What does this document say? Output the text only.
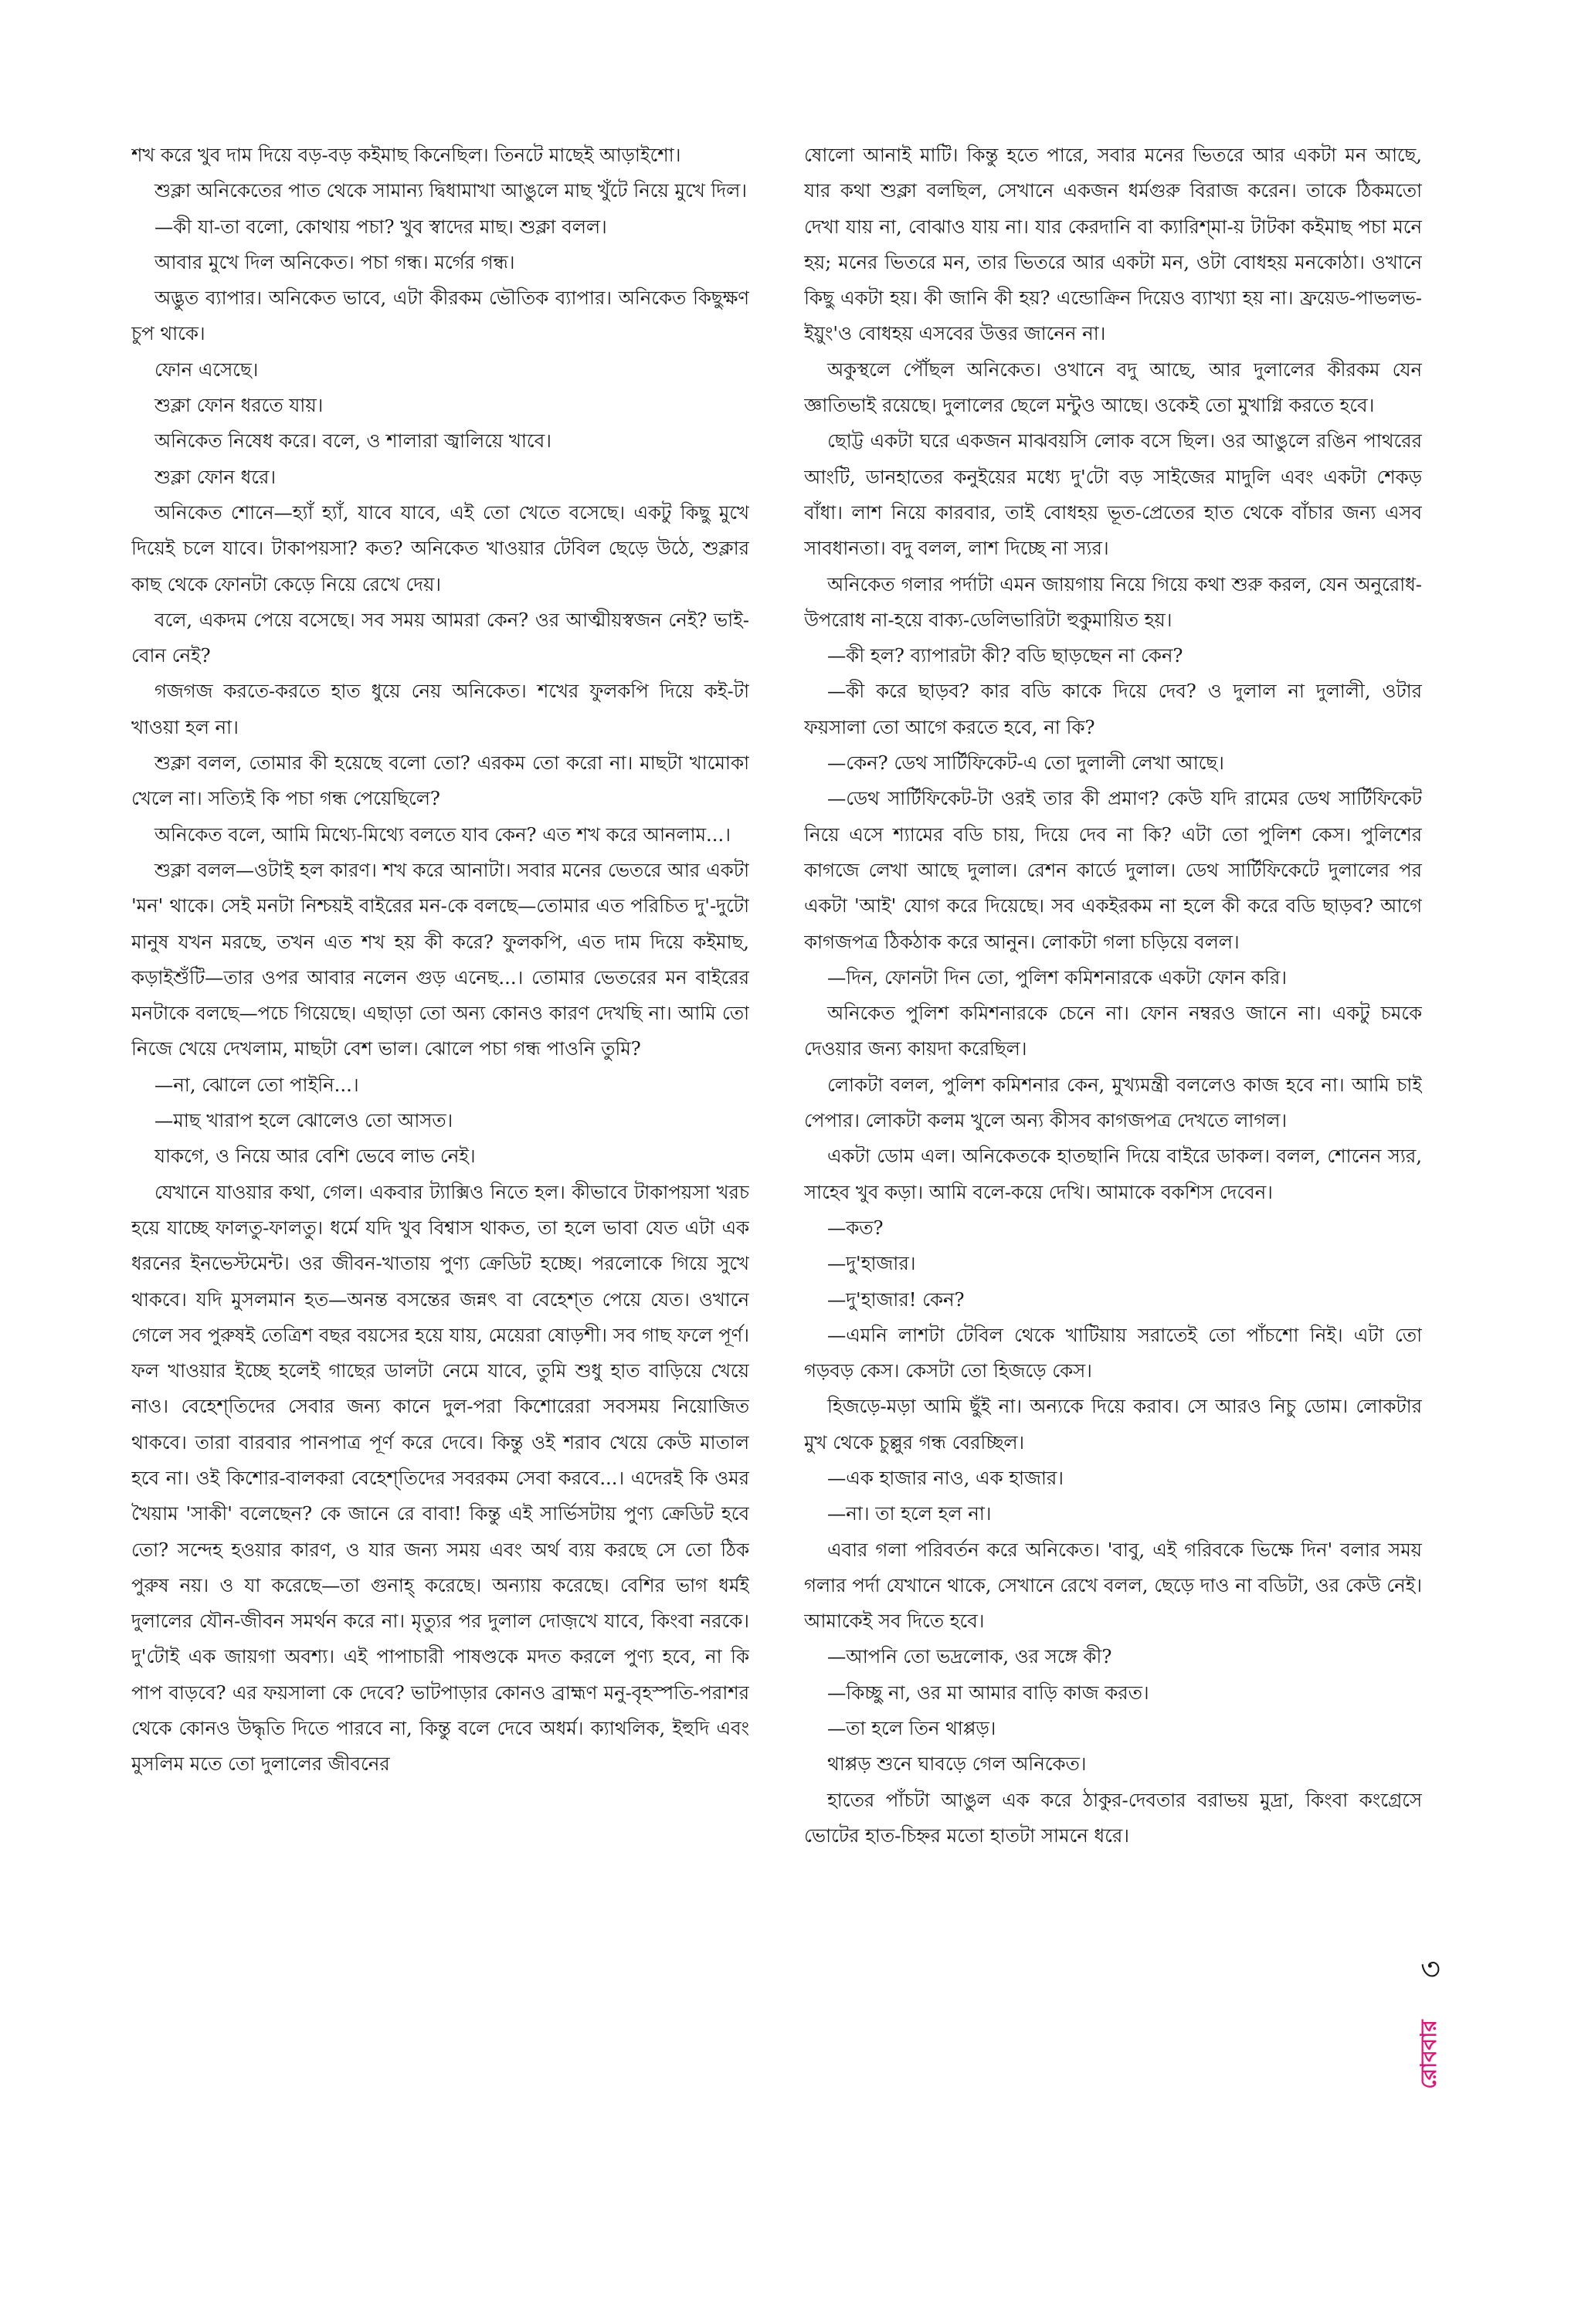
শখ করে খুব দাম দিয়ে বড়-বড় কইমাছ কিনেছিল। তিনটে মাছেই আড়াইশো।

শুক্লা অনিকেতের পাত থেকে সামান্য দ্বিধামাখা আঙুলে মাছ খুঁটে নিয়ে মুখে দিল।

—কী যা-তা বলো, কোথায় পচা? খুব স্বাদের মাছ। শুক্লা বলল।

আবার মুখে দিল অনিকেত। পচা গন্ধ। মর্গের গন্ধ।

অদ্ভুত ব্যাপার। অনিকেত ভাবে, এটা কীরকম ভৌতিক ব্যাপার। অনিকেত কিছুক্ষণ চুপ থাকে।

ফোন এসেছে।

শুক্লা ফোন ধরতে যায়।

অনিকেত নিষেধ করে। বলে, ও শালারা জ্বালিয়ে খাবে।

শুক্লা ফোন ধরে।

অনিকেত শোনে—হ্যাঁ হ্যাঁ, যাবে যাবে, এই তো খেতে বসেছে। একটু কিছু মুখে দিয়েই চলে যাবে। টাকাপয়সা? কত? অনিকেত খাওয়ার টেবিল ছেড়ে উঠে, শুক্লার কাছ থেকে ফোনটা কেড়ে নিয়ে রেখে দেয়।

বলে, একদম পেয়ে বসেছে। সব সময় আমরা কেন? ওর আত্মীয়স্বজন নেই? ভাই-বোন নেই?

গজগজ করতে-করতে হাত ধুয়ে নেয় অনিকেত। শখের ফুলকপি দিয়ে কই-টা খাওয়া হল না।

শুক্লা বলল, তোমার কী হয়েছে বলো তো? এরকম তো করো না। মাছটা খামোকা খেলে না। সত্যিই কি পচা গন্ধ পেয়েছিলে?

অনিকেত বলে, আমি মিথ্যে-মিথ্যে বলতে যাব কেন? এত শখ করে আনলাম...।

শুক্লা বলল—ওটাই হল কারণ। শখ করে আনাটা। সবার মনের ভেতরে আর একটা 'মন' থাকে। সেই মনটা নিশ্চয়ই বাইরের মন-কে বলছে—তোমার এত পরিচিত দু'-দুটো মানুষ যখন মরছে, তখন এত শখ হয় কী করে? ফুলকপি, এত দাম দিয়ে কইমাছ, কড়াইশুঁটি—তার ওপর আবার নলেন গুড় এনেছ...। তোমার ভেতরের মন বাইরের মনটাকে বলছে—পচে গিয়েছে। এছাড়া তো অন্য কোনও কারণ দেখছি না। আমি তো নিজে খেয়ে দেখলাম, মাছটা বেশ ভাল। ঝোলে পচা গন্ধ পাওনি তুমি?

—না, ঝোলে তো পাইনি...।

—মাছ খারাপ হলে ঝোলেও তো আসত।

যাকগে, ও নিয়ে আর বেশি ভেবে লাভ নেই।

যেখানে যাওয়ার কথা, গেল। একবার ট্যাক্সিও নিতে হল। কীভাবে টাকাপয়সা খরচ হয়ে যাচ্ছে ফালতু-ফালতু। ধর্মে যদি খুব বিশ্বাস থাকত, তা হলে ভাবা যেত এটা এক ধরনের ইনভেস্টমেন্ট। ওর জীবন-খাতায় পুণ্য ক্রেডিট হচ্ছে। পরলোকে গিয়ে সুখে থাকবে। যদি মুসলমান হত—অনন্ত বসন্তের জন্নৎ বা বেহেশ্‌ত পেয়ে যেত। ওখানে গেলে সব পুরুষই তেত্রিশ বছর বয়সের হয়ে যায়, মেয়েরা ষোড়শী। সব গাছ ফলে পূর্ণ। ফল খাওয়ার ইচ্ছে হলেই গাছের ডালটা নেমে যাবে, তুমি শুধু হাত বাড়িয়ে খেয়ে নাও। বেহেশ্‌তিদের সেবার জন্য কানে দুল-পরা কিশোরেরা সবসময় নিয়োজিত থাকবে। তারা বারবার পানপাত্র পূর্ণ করে দেবে। কিন্তু ওই শরাব খেয়ে কেউ মাতাল হবে না। ওই কিশোর-বালকরা বেহেশ্‌তিদের সবরকম সেবা করবে...। এদেরই কি ওমর খৈয়াম 'সাকী' বলেছেন? কে জানে রে বাবা! কিন্তু এই সার্ভিসটায় পুণ্য ক্রেডিট হবে তো? সন্দেহ হওয়ার কারণ, ও যার জন্য সময় এবং অর্থ ব্যয় করছে সে তো ঠিক পুরুষ নয়। ও যা করেছে—তা গুনাহ্ করেছে। অন্যায় করেছে। বেশির ভাগ ধর্মই দুলালের যৌন-জীবন সমর্থন করে না। মৃত্যুর পর দুলাল দোজ়খে যাবে, কিংবা নরকে। দু'টোই এক জায়গা অবশ্য। এই পাপাচারী পাষণ্ডকে মদত করলে পুণ্য হবে, না কি পাপ বাড়বে? এর ফয়সালা কে দেবে? ভাটপাড়ার কোনও ব্রাহ্মণ মনু-বৃহস্পতি-পরাশর থেকে কোনও উদ্ধৃতি দিতে পারবে না, কিন্তু বলে দেবে অধর্ম। ক্যাথলিক, ইহুদি এবং মুসলিম মতে তো দুলালের জীবনের

ষোলো আনাই মাটি। কিন্তু হতে পারে, সবার মনের ভিতরে আর একটা মন আছে, যার কথা শুক্লা বলছিল, সেখানে একজন ধর্মগুরু বিরাজ করেন। তাকে ঠিকমতো দেখা যায় না, বোঝাও যায় না। যার কেরদানি বা ক্যারিশ্‌মা-য় টাটকা কইমাছ পচা মনে হয়; মনের ভিতরে মন, তার ভিতরে আর একটা মন, ওটা বোধহয় মনকোঠা। ওখানে কিছু একটা হয়। কী জানি কী হয়? এন্ডোক্রিন দিয়েও ব্যাখ্যা হয় না। ফ্রয়েড-পাভলভ-ইয়ুং'ও বোধহয় এসবের উত্তর জানেন না।

অকুস্থলে পৌঁছল অনিকেত। ওখানে বদু আছে, আর দুলালের কীরকম যেন জ্ঞাতিভাই রয়েছে। দুলালের ছেলে মন্টুও আছে। ওকেই তো মুখাগ্নি করতে হবে।

ছোট্ট একটা ঘরে একজন মাঝবয়সি লোক বসে ছিল। ওর আঙুলে রঙিন পাথরের আংটি, ডানহাতের কনুইয়ের মধ্যে দু'টো বড় সাইজের মাদুলি এবং একটা শেকড় বাঁধা। লাশ নিয়ে কারবার, তাই বোধহয় ভূত-প্রেতের হাত থেকে বাঁচার জন্য এসব সাবধানতা। বদু বলল, লাশ দিচ্ছে না স্যর।

অনিকেত গলার পর্দাটা এমন জায়গায় নিয়ে গিয়ে কথা শুরু করল, যেন অনুরোধ-উপরোধ না-হয়ে বাক্য-ডেলিভারিটা হুকুমায়িত হয়।

—কী হল? ব্যাপারটা কী? বডি ছাড়ছেন না কেন?

—কী করে ছাড়ব? কার বডি কাকে দিয়ে দেব? ও দুলাল না দুলালী, ওটার ফয়সালা তো আগে করতে হবে, না কি?

—কেন? ডেথ সার্টিফিকেট-এ তো দুলালী লেখা আছে।

—ডেথ সার্টিফিকেট-টা ওরই তার কী প্রমাণ? কেউ যদি রামের ডেথ সার্টিফিকেট নিয়ে এসে শ্যামের বডি চায়, দিয়ে দেব না কি? এটা তো পুলিশ কেস। পুলিশের কাগজে লেখা আছে দুলাল। রেশন কার্ডে দুলাল। ডেথ সার্টিফিকেটে দুলালের পর একটা 'আই' যোগ করে দিয়েছে। সব একইরকম না হলে কী করে বডি ছাড়ব? আগে কাগজপত্র ঠিকঠাক করে আনুন। লোকটা গলা চড়িয়ে বলল।

—দিন, ফোনটা দিন তো, পুলিশ কমিশনারকে একটা ফোন করি।

অনিকেত পুলিশ কমিশনারকে চেনে না। ফোন নম্বরও জানে না। একটু চমকে দেওয়ার জন্য কায়দা করেছিল।

লোকটা বলল, পুলিশ কমিশনার কেন, মুখ্যমন্ত্রী বললেও কাজ হবে না। আমি চাই পেপার। লোকটা কলম খুলে অন্য কীসব কাগজপত্র দেখতে লাগল।

একটা ডোম এল। অনিকেতকে হাতছানি দিয়ে বাইরে ডাকল। বলল, শোনেন স্যর, সাহেব খুব কড়া। আমি বলে-কয়ে দেখি। আমাকে বকশিস দেবেন।

—কত?

—দু'হাজার।

—দু'হাজার! কেন?

—এমনি লাশটা টেবিল থেকে খাটিয়ায় সরাতেই তো পাঁচশো নিই। এটা তো গড়বড় কেস। কেসটা তো হিজড়ে কেস।

হিজড়ে-মড়া আমি ছুঁই না। অন্যকে দিয়ে করাব। সে আরও নিচু ডোম। লোকটার মুখ থেকে চুল্লুর গন্ধ বেরচ্ছিল।

—এক হাজার নাও, এক হাজার।

—না। তা হলে হল না।

এবার গলা পরিবর্তন করে অনিকেত। 'বাবু, এই গরিবকে ভিক্ষে দিন' বলার সময় গলার পর্দা যেখানে থাকে, সেখানে রেখে বলল, ছেড়ে দাও না বডিটা, ওর কেউ নেই। আমাকেই সব দিতে হবে।

—আপনি তো ভদ্রলোক, ওর সঙ্গে কী?

—কিচ্ছু না, ওর মা আমার বাড়ি কাজ করত।

—তা হলে তিন থাপ্পড়।

থাপ্পড় শুনে ঘাবড়ে গেল অনিকেত।

হাতের পাঁচটা আঙুল এক করে ঠাকুর-দেবতার বরাভয় মুদ্রা, কিংবা কংগ্রেসে ভোটের হাত-চিহ্নর মতো হাতটা সামনে ধরে।

৩
রোববার
